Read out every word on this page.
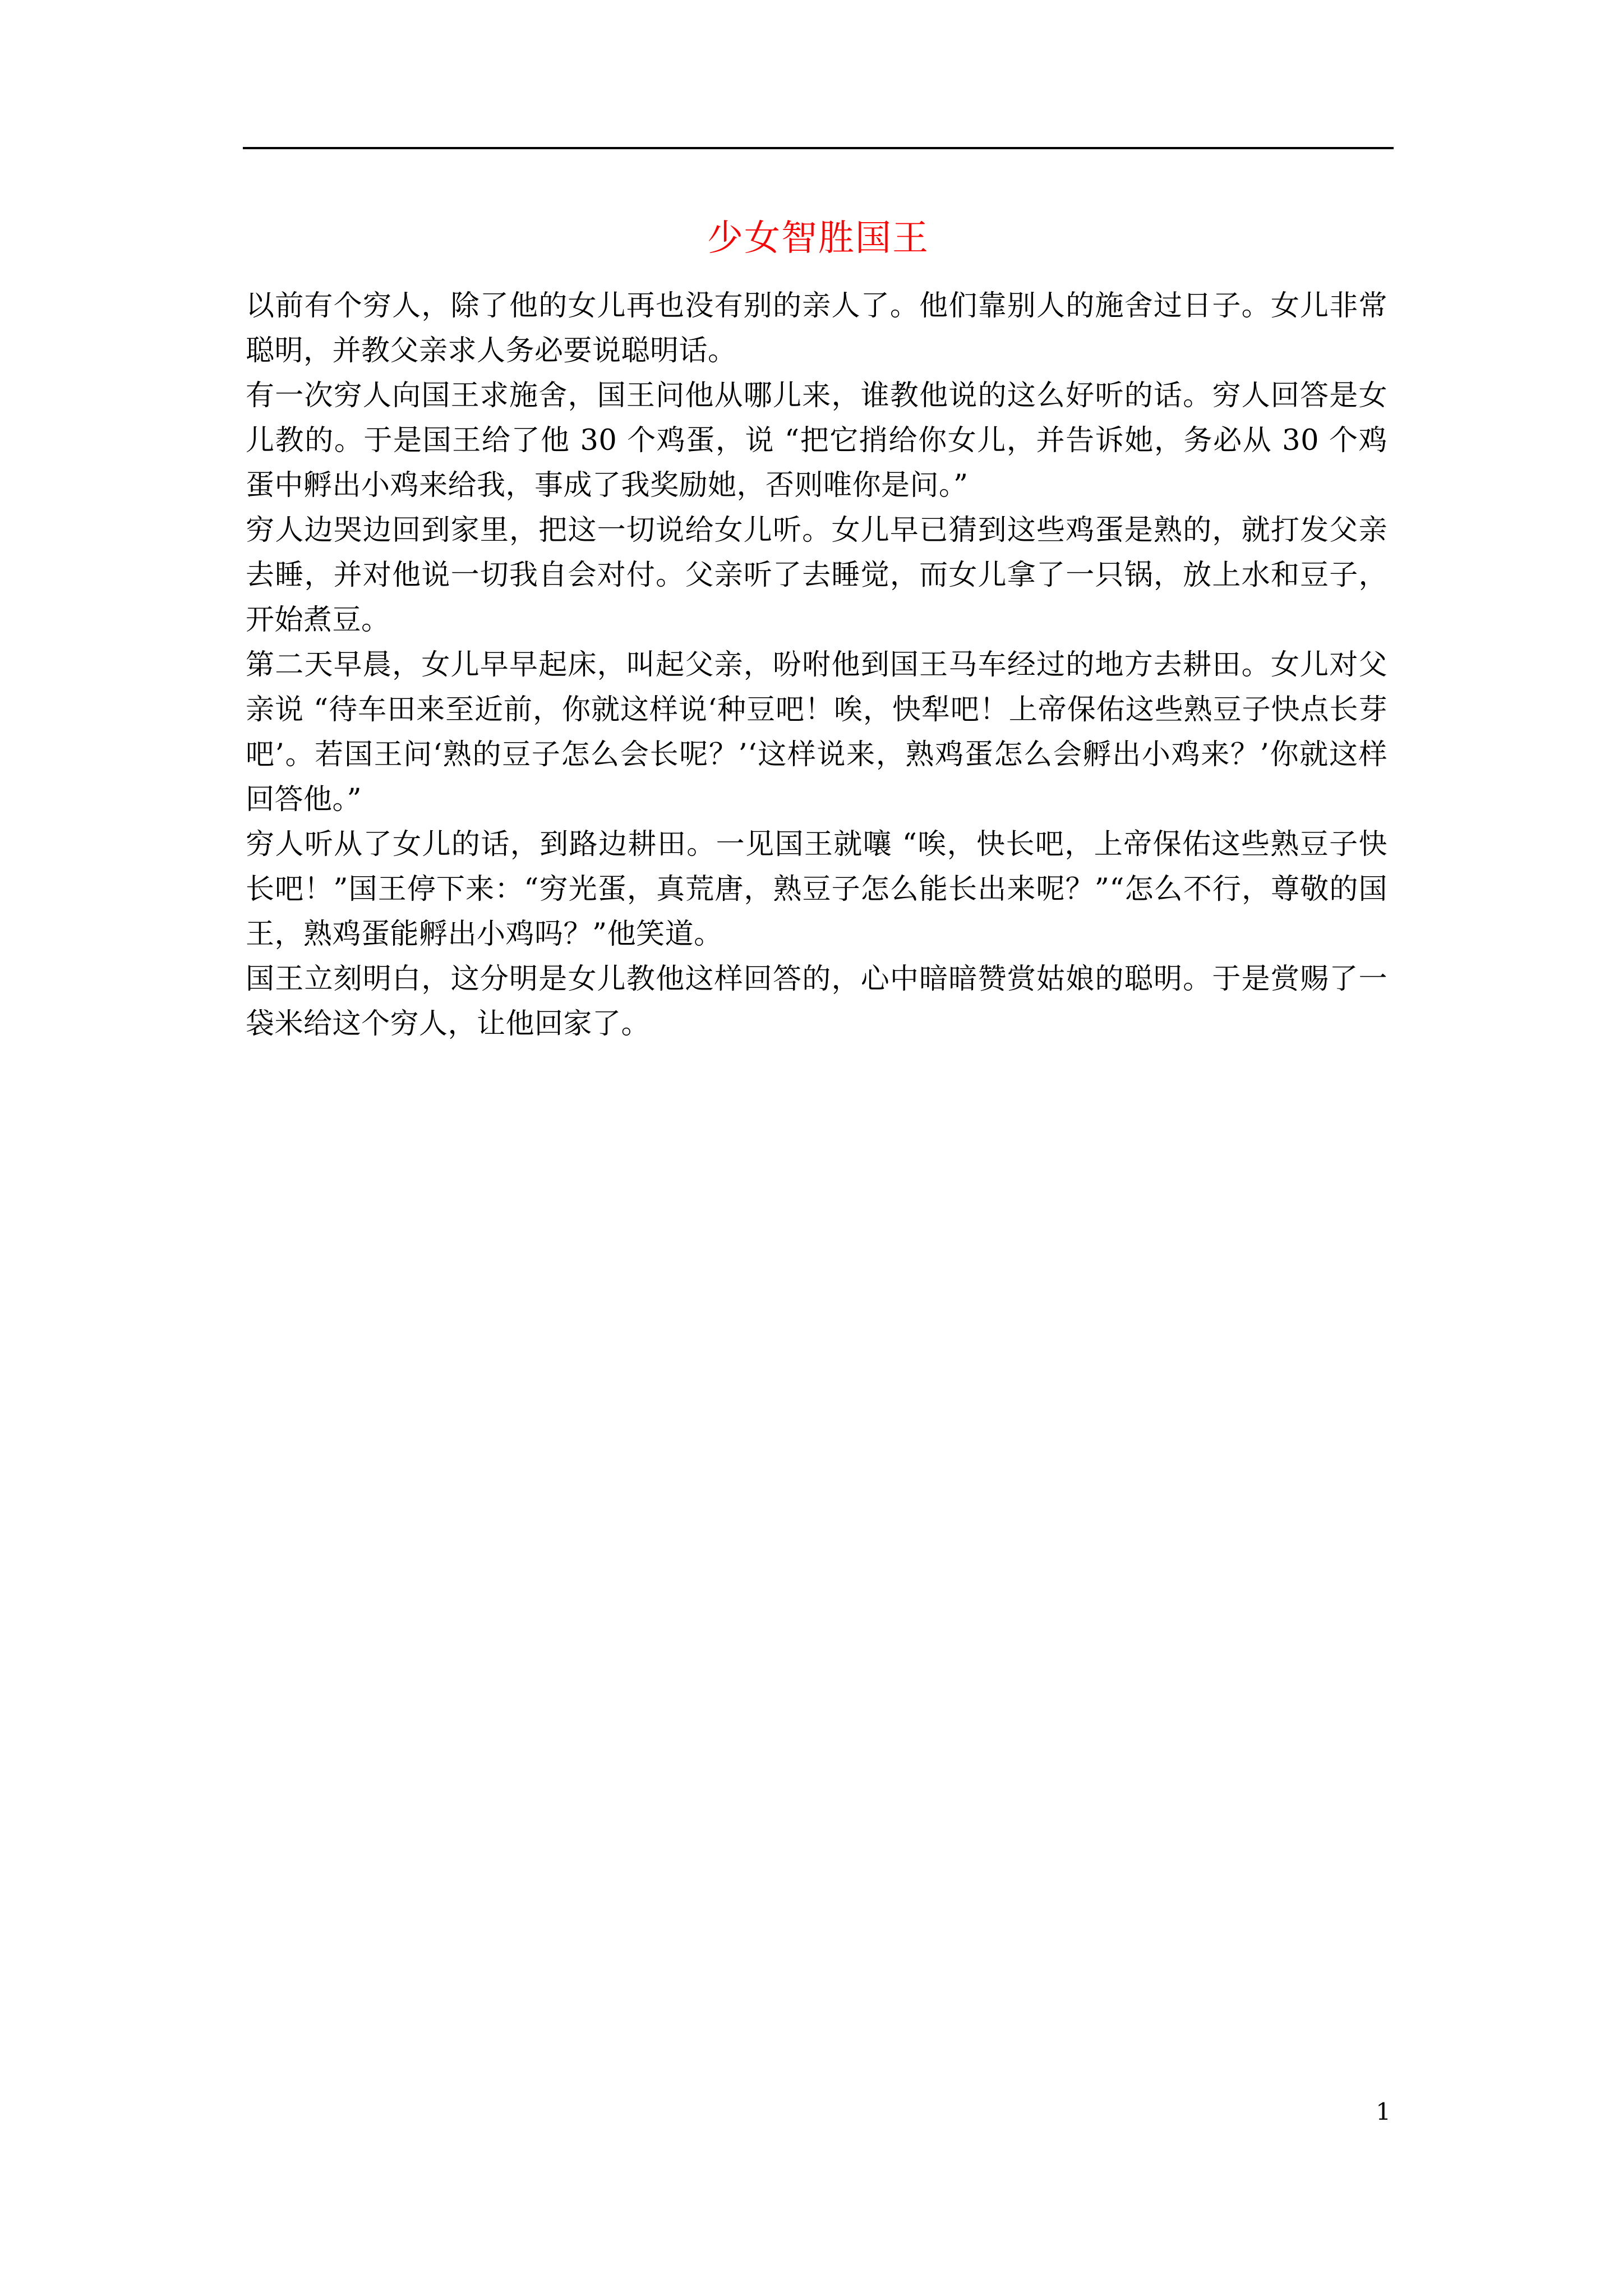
少女智胜国王

以前有个穷人，除了他的女儿再也没有别的亲人了。他们靠别人的施舍过日子。女儿非常聪明，并教父亲求人务必要说聪明话。

有一次穷人向国王求施舍，国王问他从哪儿来，谁教他说的这么好听的话。穷人回答是女儿教的。于是国王给了他 30 个鸡蛋，说 “把它捎给你女儿，并告诉她，务必从 30 个鸡蛋中孵出小鸡来给我，事成了我奖励她，否则唯你是问。”

穷人边哭边回到家里，把这一切说给女儿听。女儿早已猜到这些鸡蛋是熟的，就打发父亲去睡，并对他说一切我自会对付。父亲听了去睡觉，而女儿拿了一只锅，放上水和豆子，开始煮豆。

第二天早晨，女儿早早起床，叫起父亲，吩咐他到国王马车经过的地方去耕田。女儿对父亲说 “待车田来至近前，你就这样说‘种豆吧！唉，快犁吧！上帝保佑这些熟豆子快点长芽吧’。若国王问‘熟的豆子怎么会长呢？’‘这样说来，熟鸡蛋怎么会孵出小鸡来？’你就这样回答他。”

穷人听从了女儿的话，到路边耕田。一见国王就嚷 “唉，快长吧，上帝保佑这些熟豆子快长吧！”国王停下来：“穷光蛋，真荒唐，熟豆子怎么能长出来呢？”“怎么不行，尊敬的国王，熟鸡蛋能孵出小鸡吗？”他笑道。

国王立刻明白，这分明是女儿教他这样回答的，心中暗暗赞赏姑娘的聪明。于是赏赐了一袋米给这个穷人，让他回家了。

1
